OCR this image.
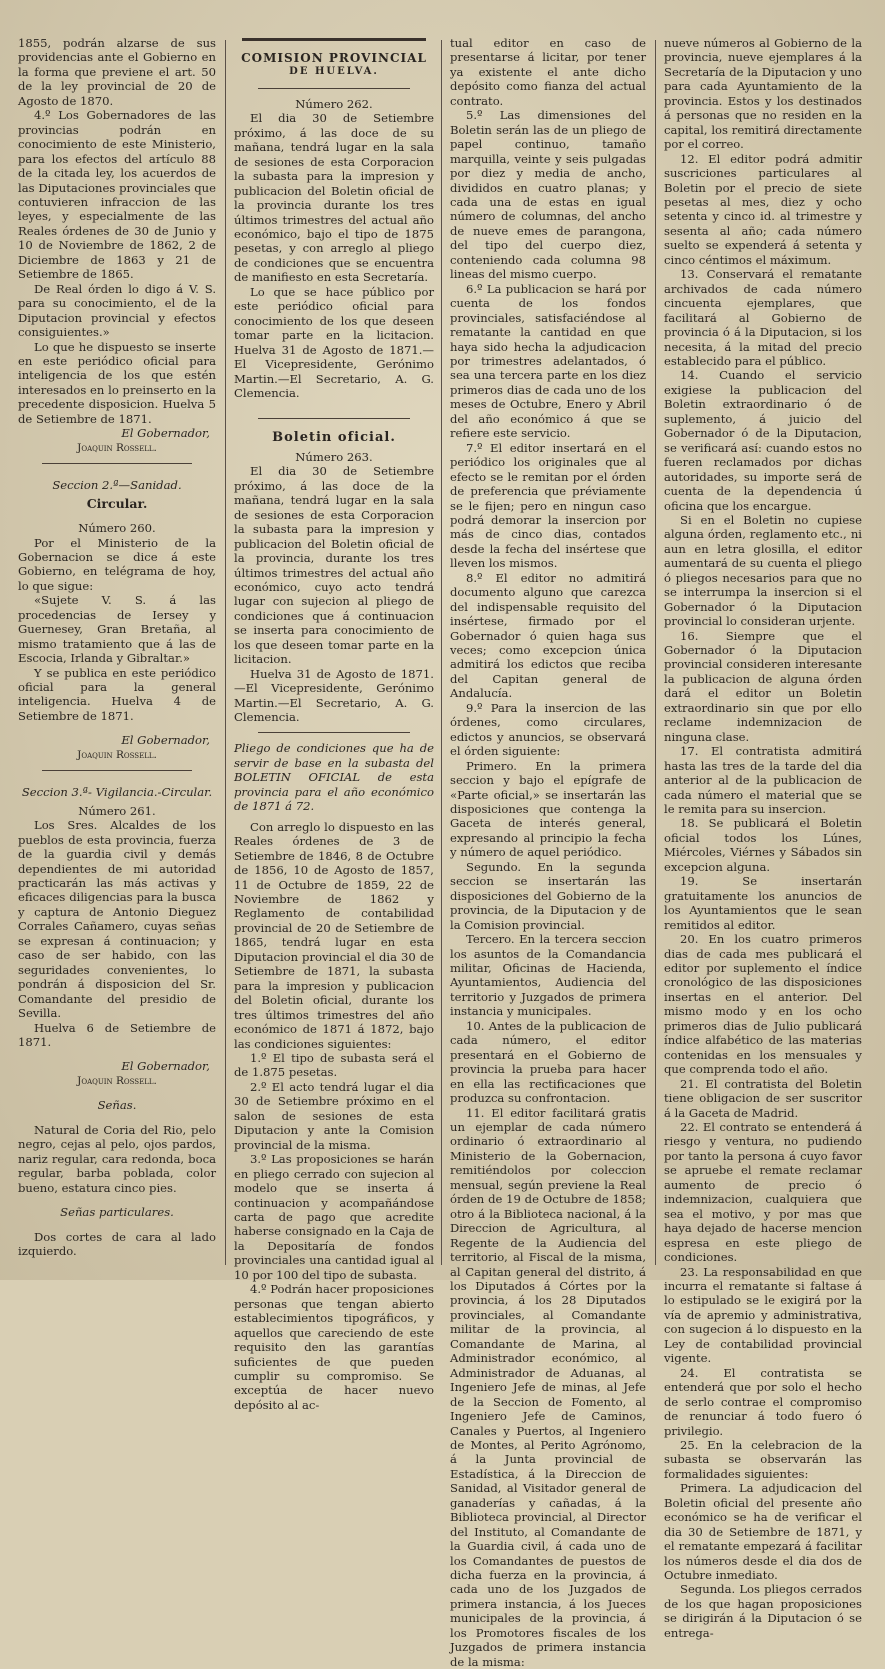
1855, podrán alzarse de sus providencias ante el Gobierno en la forma que previene el art. 50 de la ley provincial de 20 de Agosto de 1870.

4.º Los Gobernadores de las provincias podrán en conocimiento de este Ministerio, para los efectos del artículo 88 de la citada ley, los acuerdos de las Diputaciones provinciales que contuvieren infraccion de las leyes, y especialmente de las Reales órdenes de 30 de Junio y 10 de Noviembre de 1862, 2 de Diciembre de 1863 y 21 de Setiembre de 1865.

De Real órden lo digo á V. S. para su conocimiento, el de la Diputacion provincial y efectos consiguientes.»

Lo que he dispuesto se inserte en este periódico oficial para inteligencia de los que estén interesados en lo preinserto en la precedente disposicion. Huelva 5 de Setiembre de 1871.

El Gobernador,

Joaquin Rossell.

Seccion 2.ª—Sanidad.

Circular.

Número 260.

Por el Ministerio de la Gobernacion se dice á este Gobierno, en telégrama de hoy, lo que sigue:

«Sujete V. S. á las procedencias de Iersey y Guernesey, Gran Bretaña, al mismo tratamiento que á las de Escocia, Irlanda y Gibraltar.»

Y se publica en este periódico oficial para la general inteligencia. Huelva 4 de Setiembre de 1871.

El Gobernador,

Joaquin Rossell.

Seccion 3.ª- Vigilancia.-Circular.

Número 261.

Los Sres. Alcaldes de los pueblos de esta provincia, fuerza de la guardia civil y demás dependientes de mi autoridad practicarán las más activas y eficaces diligencias para la busca y captura de Antonio Dieguez Corrales Cañamero, cuyas señas se expresan á continuacion; y caso de ser habido, con las seguridades convenientes, lo pondrán á disposicion del Sr. Comandante del presidio de Sevilla.

Huelva 6 de Setiembre de 1871.

El Gobernador,

Joaquin Rossell.

Señas.

Natural de Coria del Rio, pelo negro, cejas al pelo, ojos pardos, nariz regular, cara redonda, boca regular, barba poblada, color bueno, estatura cinco pies.

Señas particulares.

Dos cortes de cara al lado izquierdo.

COMISION PROVINCIAL

DE HUELVA.

Número 262.

El dia 30 de Setiembre próximo, á las doce de su mañana, tendrá lugar en la sala de sesiones de esta Corporacion la subasta para la impresion y publicacion del Boletin oficial de la provincia durante los tres últimos trimestres del actual año económico, bajo el tipo de 1875 pesetas, y con arreglo al pliego de condiciones que se encuentra de manifiesto en esta Secretaría.

Lo que se hace público por este periódico oficial para conocimiento de los que deseen tomar parte en la licitacion. Huelva 31 de Agosto de 1871.—El Vicepresidente, Gerónimo Martin.—El Secretario, A. G. Clemencia.

Boletin oficial.

Número 263.

El dia 30 de Setiembre próximo, á las doce de la mañana, tendrá lugar en la sala de sesiones de esta Corporacion la subasta para la impresion y publicacion del Boletin oficial de la provincia, durante los tres últimos trimestres del actual año económico, cuyo acto tendrá lugar con sujecion al pliego de condiciones que á continuacion se inserta para conocimiento de los que deseen tomar parte en la licitacion.

Huelva 31 de Agosto de 1871. —El Vicepresidente, Gerónimo Martin.—El Secretario, A. G. Clemencia.

Pliego de condiciones que ha de servir de base en la subasta del BOLETIN OFICIAL de esta provincia para el año económico de 1871 á 72.

Con arreglo lo dispuesto en las Reales órdenes de 3 de Setiembre de 1846, 8 de Octubre de 1856, 10 de Agosto de 1857, 11 de Octubre de 1859, 22 de Noviembre de 1862 y Reglamento de contabilidad provincial de 20 de Setiembre de 1865, tendrá lugar en esta Diputacion provincial el dia 30 de Setiembre de 1871, la subasta para la impresion y publicacion del Boletin oficial, durante los tres últimos trimestres del año económico de 1871 á 1872, bajo las condiciones siguientes:

1.º El tipo de subasta será el de 1.875 pesetas.

2.º El acto tendrá lugar el dia 30 de Setiembre próximo en el salon de sesiones de esta Diputacion y ante la Comision provincial de la misma.

3.º Las proposiciones se harán en pliego cerrado con sujecion al modelo que se inserta á continuacion y acompañándose carta de pago que acredite haberse consignado en la Caja de la Depositaría de fondos provinciales una cantidad igual al 10 por 100 del tipo de subasta.

4.º Podrán hacer proposiciones personas que tengan abierto establecimientos tipográficos, y aquellos que careciendo de este requisito den las garantías suficientes de que pueden cumplir su compromiso. Se exceptúa de hacer nuevo depósito al ac-

tual editor en caso de presentarse á licitar, por tener ya existente el ante dicho depósito como fianza del actual contrato.

5.º Las dimensiones del Boletin serán las de un pliego de papel continuo, tamaño marquilla, veinte y seis pulgadas por diez y media de ancho, divididos en cuatro planas; y cada una de estas en igual número de columnas, del ancho de nueve emes de parangona, del tipo del cuerpo diez, conteniendo cada columna 98 lineas del mismo cuerpo.

6.º La publicacion se hará por cuenta de los fondos provinciales, satisfaciéndose al rematante la cantidad en que haya sido hecha la adjudicacion por trimestres adelantados, ó sea una tercera parte en los diez primeros dias de cada uno de los meses de Octubre, Enero y Abril del año económico á que se refiere este servicio.

7.º El editor insertará en el periódico los originales que al efecto se le remitan por el órden de preferencia que préviamente se le fijen; pero en ningun caso podrá demorar la insercion por más de cinco dias, contados desde la fecha del insértese que lleven los mismos.

8.º El editor no admitirá documento alguno que carezca del indispensable requisito del insértese, firmado por el Gobernador ó quien haga sus veces; como excepcion única admitirá los edictos que reciba del Capitan general de Andalucía.

9.º Para la insercion de las órdenes, como circulares, edictos y anuncios, se observará el órden siguiente:

Primero. En la primera seccion y bajo el epígrafe de «Parte oficial,» se insertarán las disposiciones que contenga la Gaceta de interés general, expresando al principio la fecha y número de aquel periódico.

Segundo. En la segunda seccion se insertarán las disposiciones del Gobierno de la provincia, de la Diputacion y de la Comision provincial.

Tercero. En la tercera seccion los asuntos de la Comandancia militar, Oficinas de Hacienda, Ayuntamientos, Audiencia del territorio y Juzgados de primera instancia y municipales.

10. Antes de la publicacion de cada número, el editor presentará en el Gobierno de provincia la prueba para hacer en ella las rectificaciones que produzca su confrontacion.

11. El editor facilitará gratis un ejemplar de cada número ordinario ó extraordinario al Ministerio de la Gobernacion, remitiéndolos por coleccion mensual, según previene la Real órden de 19 de Octubre de 1858; otro á la Biblioteca nacional, á la Direccion de Agricultura, al Regente de la Audiencia del territorio, al Fiscal de la misma, al Capitan general del distrito, á los Diputados á Córtes por la provincia, á los 28 Diputados provinciales, al Comandante militar de la provincia, al Comandante de Marina, al Administrador económico, al Administrador de Aduanas, al Ingeniero Jefe de minas, al Jefe de la Seccion de Fomento, al Ingeniero Jefe de Caminos, Canales y Puertos, al Ingeniero de Montes, al Perito Agrónomo, á la Junta provincial de Estadística, á la Direccion de Sanidad, al Visitador general de ganaderías y cañadas, á la Biblioteca provincial, al Director del Instituto, al Comandante de la Guardia civil, á cada uno de los Comandantes de puestos de dicha fuerza en la provincia, á cada uno de los Juzgados de primera instancia, á los Jueces municipales de la provincia, á los Promotores fiscales de los Juzgados de primera instancia de la misma:

nueve números al Gobierno de la provincia, nueve ejemplares á la Secretaría de la Diputacion y uno para cada Ayuntamiento de la provincia. Estos y los destinados á personas que no residen en la capital, los remitirá directamente por el correo.

12. El editor podrá admitir suscriciones particulares al Boletin por el precio de siete pesetas al mes, diez y ocho setenta y cinco id. al trimestre y sesenta al año; cada número suelto se expenderá á setenta y cinco céntimos el máximum.

13. Conservará el rematante archivados de cada número cincuenta ejemplares, que facilitará al Gobierno de provincia ó á la Diputacion, si los necesita, á la mitad del precio establecido para el público.

14. Cuando el servicio exigiese la publicacion del Boletin extraordinario ó de suplemento, á juicio del Gobernador ó de la Diputacion, se verificará así: cuando estos no fueren reclamados por dichas autoridades, su importe será de cuenta de la dependencia ú oficina que los encargue.

Si en el Boletin no cupiese alguna órden, reglamento etc., ni aun en letra glosilla, el editor aumentará de su cuenta el pliego ó pliegos necesarios para que no se interrumpa la insercion si el Gobernador ó la Diputacion provincial lo consideran urjente.

16. Siempre que el Gobernador ó la Diputacion provincial consideren interesante la publicacion de alguna órden dará el editor un Boletin extraordinario sin que por ello reclame indemnizacion de ninguna clase.

17. El contratista admitirá hasta las tres de la tarde del dia anterior al de la publicacion de cada número el material que se le remita para su insercion.

18. Se publicará el Boletin oficial todos los Lúnes, Miércoles, Viérnes y Sábados sin excepcion alguna.

19. Se insertarán gratuitamente los anuncios de los Ayuntamientos que le sean remitidos al editor.

20. En los cuatro primeros dias de cada mes publicará el editor por suplemento el índice cronológico de las disposiciones insertas en el anterior. Del mismo modo y en los ocho primeros dias de Julio publicará índice alfabético de las materias contenidas en los mensuales y que comprenda todo el año.

21. El contratista del Boletin tiene obligacion de ser suscritor á la Gaceta de Madrid.

22. El contrato se entenderá á riesgo y ventura, no pudiendo por tanto la persona á cuyo favor se apruebe el remate reclamar aumento de precio ó indemnizacion, cualquiera que sea el motivo, y por mas que haya dejado de hacerse mencion espresa en este pliego de condiciones.

23. La responsabilidad en que incurra el rematante si faltase á lo estipulado se le exigirá por la vía de apremio y administrativa, con sugecion á lo dispuesto en la Ley de contabilidad provincial vigente.

24. El contratista se entenderá que por solo el hecho de serlo contrae el compromiso de renunciar á todo fuero ó privilegio.

25. En la celebracion de la subasta se observarán las formalidades siguientes:

Primera. La adjudicacion del Boletin oficial del presente año económico se ha de verificar el dia 30 de Setiembre de 1871, y el rematante empezará á facilitar los números desde el dia dos de Octubre inmediato.

Segunda. Los pliegos cerrados de los que hagan proposiciones se dirigirán á la Diputacion ó se entrega-
